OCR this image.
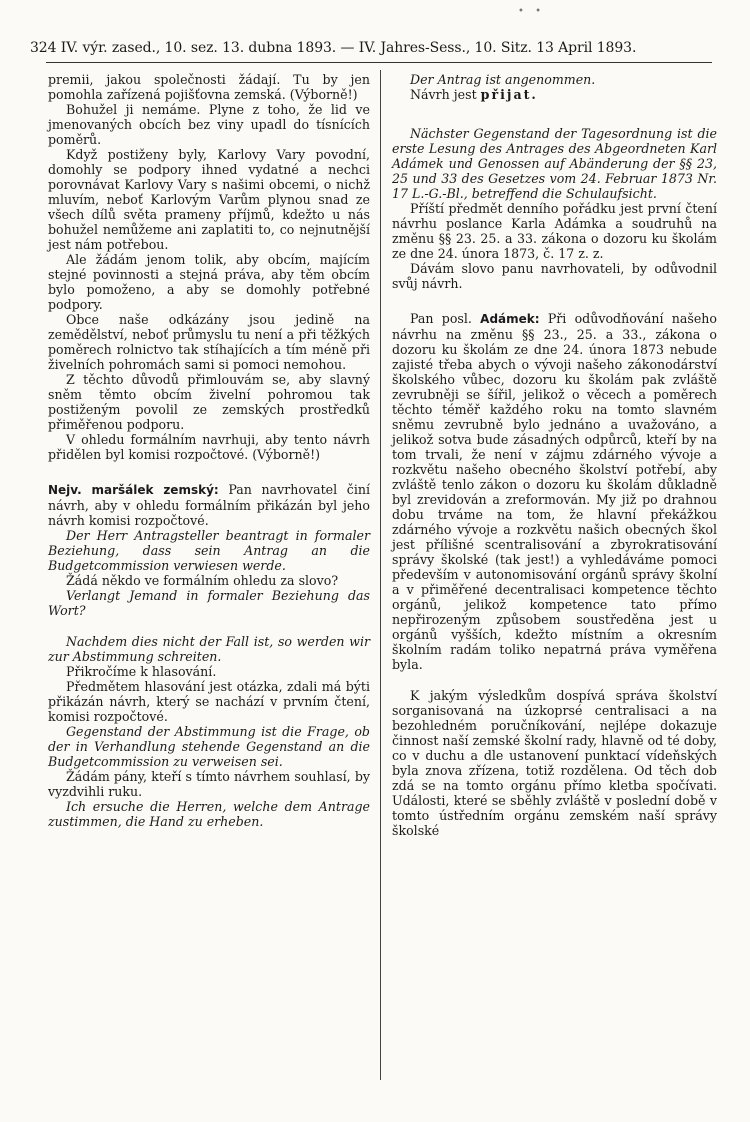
• •
324 IV. výr. zased., 10. sez. 13. dubna 1893. — IV. Jahres-Sess., 10. Sitz. 13 April 1893.

premii, jakou společnosti žádají. Tu by jen pomohla zařízená pojišťovna zemská. (Výborně!)

Bohužel ji nemáme. Plyne z toho, že lid ve jmenovaných obcích bez viny upadl do tísnících poměrů.

Když postiženy byly, Karlovy Vary povodní, domohly se podpory ihned vydatné a nechci porovnávat Karlovy Vary s našimi obcemi, o nichž mluvím, neboť Karlovým Varům plynou snad ze všech dílů světa prameny příjmů, kdežto u nás bohužel nemůžeme ani zaplatiti to, co nejnutnější jest nám potřebou.

Ale žádám jenom tolik, aby obcím, majícím stejné povinnosti a stejná práva, aby těm obcím bylo pomoženo, a aby se domohly potřebné podpory.

Obce naše odkázány jsou jedině na zemědělství, neboť průmyslu tu není a při těžkých poměrech rolnictvo tak stíhajících a tím méně při živelních pohromách sami si pomoci nemohou.

Z těchto důvodů přimlouvám se, aby slavný sněm těmto obcím živelní pohromou tak postiženým povolil ze zemských prostředků přiměřenou podporu.

V ohledu formálním navrhuji, aby tento návrh přidělen byl komisi rozpočtové. (Výborně!)

Nejv. maršálek zemský: Pan navrhovatel činí návrh, aby v ohledu formálním přikázán byl jeho návrh komisi rozpočtové.

Der Herr Antragsteller beantragt in formaler Beziehung, dass sein Antrag an die Budgetcommission verwiesen werde.

Žádá někdo ve formálním ohledu za slovo?

Verlangt Jemand in formaler Beziehung das Wort?

Nachdem dies nicht der Fall ist, so werden wir zur Abstimmung schreiten.

Přikročíme k hlasování.

Předmětem hlasování jest otázka, zdali má býti přikázán návrh, který se nachází v prvním čtení, komisi rozpočtové.

Gegenstand der Abstimmung ist die Frage, ob der in Verhandlung stehende Gegenstand an die Budgetcommission zu verweisen sei.

Žádám pány, kteří s tímto návrhem souhlasí, by vyzdvihli ruku.

Ich ersuche die Herren, welche dem Antrage zustimmen, die Hand zu erheben.

Der Antrag ist angenommen.

Návrh jest přijat.

Nächster Gegenstand der Tagesordnung ist die erste Lesung des Antrages des Abgeordneten Karl Adámek und Genossen auf Abänderung der §§ 23, 25 und 33 des Gesetzes vom 24. Februar 1873 Nr. 17 L.-G.-Bl., betreffend die Schulaufsicht.

Příští předmět denního pořádku jest první čtení návrhu poslance Karla Adámka a soudruhů na změnu §§ 23. 25. a 33. zákona o dozoru ku školám ze dne 24. února 1873, č. 17 z. z.

Dávám slovo panu navrhovateli, by odůvodnil svůj návrh.

Pan posl. Adámek: Při odůvodňování našeho návrhu na změnu §§ 23., 25. a 33., zákona o dozoru ku školám ze dne 24. února 1873 nebude zajisté třeba abych o vývoji našeho zákonodárství školského vůbec, dozoru ku školám pak zvláště zevrubněji se šířil, jelikož o věcech a poměrech těchto téměř každého roku na tomto slavném sněmu zevrubně bylo jednáno a uvažováno, a jelikož sotva bude zásadných odpůrců, kteří by na tom trvali, že není v zájmu zdárného vývoje a rozkvětu našeho obecného školství potřebí, aby zvláště tenlo zákon o dozoru ku školám důkladně byl zrevidován a zreformován. My již po drahnou dobu trváme na tom, že hlavní překážkou zdárného vývoje a rozkvětu našich obecných škol jest přílišné scentralisování a zbyrokratisování správy školské (tak jest!) a vyhledáváme pomoci především v autonomisování orgánů správy školní a v přiměřené decentralisaci kompetence těchto orgánů, jelikož kompetence tato přímo nepřirozeným způsobem soustředěna jest u orgánů vyšších, kdežto místním a okresním školním radám toliko nepatrná práva vyměřena byla.

K jakým výsledkům dospívá správa školství sorganisovaná na úzkoprsé centralisaci a na bezohledném poručníkování, nejlépe dokazuje činnost naší zemské školní rady, hlavně od té doby, co v duchu a dle ustanovení punktací vídeňských byla znova zřízena, totiž rozdělena. Od těch dob zdá se na tomto orgánu přímo kletba spočívati. Události, které se sběhly zvláště v poslední době v tomto ústředním orgánu zemském naší správy školské
